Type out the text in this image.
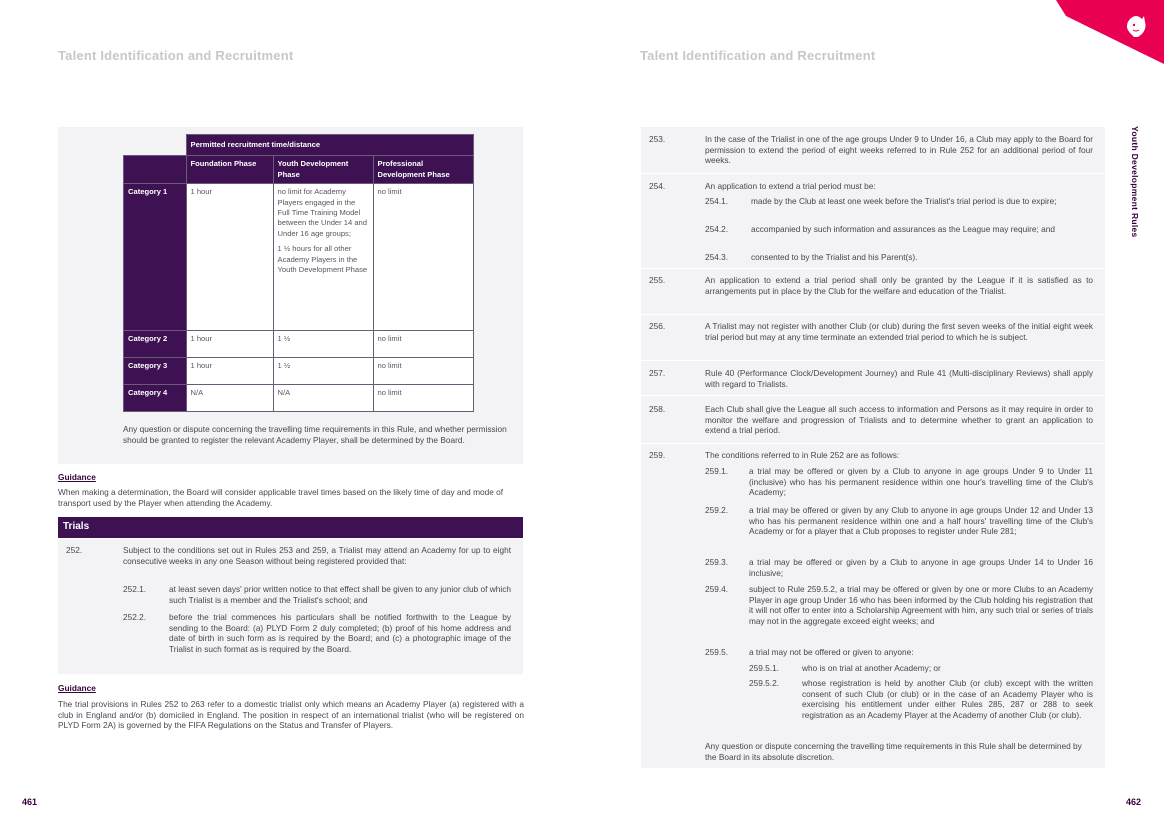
Talent Identification and Recruitment	Talent Identification and Recruitment
Youth Development Rules
	Permitted recruitment time/distance		
	Foundation Phase	Youth Development Phase	Professional Development Phase
Category 1	1 hour	no limit for Academy Players engaged in the Full Time Training Model between the Under 14 and Under 16 age groups;

1 ½ hours for all other Academy Players in the Youth Development Phase	no limit
Category 2	1 hour	1 ½	no limit
Category 3	1 hour	1 ½	no limit
Category 4	N/A	N/A	no limit
Any question or dispute concerning the travelling time requirements in this Rule, and whether permission should be granted to register the relevant Academy Player, shall be determined by the Board.
Guidance
When making a determination, the Board will consider applicable travel times based on the likely time of day and mode of transport used by the Player when attending the Academy.
Trials
252.	Subject to the conditions set out in Rules 253 and 259, a Trialist may attend an Academy for up to eight consecutive weeks in any one Season without being registered provided that:
252.1.	at least seven days' prior written notice to that effect shall be given to any junior club of which such Trialist is a member and the Trialist's school; and
252.2.	before the trial commences his particulars shall be notified forthwith to the League by sending to the Board: (a) PLYD Form 2 duly completed; (b) proof of his home address and date of birth in such form as is required by the Board; and (c) a photographic image of the Trialist in such format as is required by the Board.
Guidance
The trial provisions in Rules 252 to 263 refer to a domestic trialist only which means an Academy Player (a) registered with a club in England and/or (b) domiciled in England. The position in respect of an international trialist (who will be registered on PLYD Form 2A) is governed by the FIFA Regulations on the Status and Transfer of Players.
461
253.	In the case of the Trialist in one of the age groups Under 9 to Under 16, a Club may apply to the Board for permission to extend the period of eight weeks referred to in Rule 252 for an additional period of four weeks.
254.	An application to extend a trial period must be:
254.1.	made by the Club at least one week before the Trialist's trial period is due to expire;
254.2.	accompanied by such information and assurances as the League may require; and
254.3.	consented to by the Trialist and his Parent(s).
255.	An application to extend a trial period shall only be granted by the League if it is satisfied as to arrangements put in place by the Club for the welfare and education of the Trialist.
256.	A Trialist may not register with another Club (or club) during the first seven weeks of the initial eight week trial period but may at any time terminate an extended trial period to which he is subject.
257.	Rule 40 (Performance Clock/Development Journey) and Rule 41 (Multi-disciplinary Reviews) shall apply with regard to Trialists.
258.	Each Club shall give the League all such access to information and Persons as it may require in order to monitor the welfare and progression of Trialists and to determine whether to grant an application to extend a trial period.
259.	The conditions referred to in Rule 252 are as follows:
259.1.	a trial may be offered or given by a Club to anyone in age groups Under 9 to Under 11 (inclusive) who has his permanent residence within one hour's travelling time of the Club's Academy;
259.2.	a trial may be offered or given by any Club to anyone in age groups Under 12 and Under 13 who has his permanent residence within one and a half hours' travelling time of the Club's Academy or for a player that a Club proposes to register under Rule 281;
259.3.	a trial may be offered or given by a Club to anyone in age groups Under 14 to Under 16 inclusive;
259.4.	subject to Rule 259.5.2, a trial may be offered or given by one or more Clubs to an Academy Player in age group Under 16 who has been informed by the Club holding his registration that it will not offer to enter into a Scholarship Agreement with him, any such trial or series of trials may not in the aggregate exceed eight weeks; and
259.5.	a trial may not be offered or given to anyone:
259.5.1.	who is on trial at another Academy; or
259.5.2.	whose registration is held by another Club (or club) except with the written consent of such Club (or club) or in the case of an Academy Player who is exercising his entitlement under either Rules 285, 287 or 288 to seek registration as an Academy Player at the Academy of another Club (or club).
Any question or dispute concerning the travelling time requirements in this Rule shall be determined by the Board in its absolute discretion.
462
